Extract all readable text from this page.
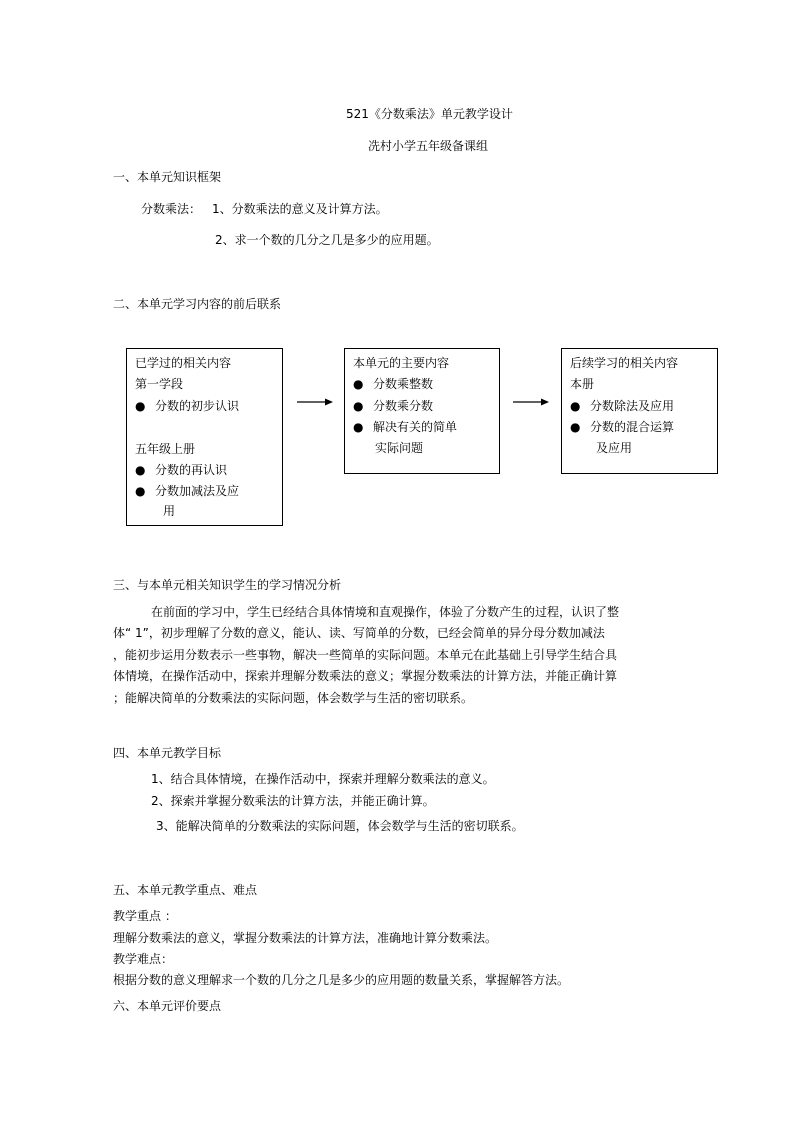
521《分数乘法》单元教学设计
冼村小学五年级备课组
一、本单元知识框架
分数乘法： 1、分数乘法的意义及计算方法。
2、求一个数的几分之几是多少的应用题。
二、本单元学习内容的前后联系
已学过的相关内容
第一学段
● 分数的初步认识
五年级上册
● 分数的再认识
● 分数加减法及应
用
本单元的主要内容
● 分数乘整数
● 分数乘分数
● 解决有关的简单
实际问题
后续学习的相关内容
本册
● 分数除法及应用
● 分数的混合运算
及应用
三、与本单元相关知识学生的学习情况分析
在前面的学习中，学生已经结合具体情境和直观操作，体验了分数产生的过程，认识了整
体“ 1”，初步理解了分数的意义，能认、读、写简单的分数，已经会简单的异分母分数加减法
，能初步运用分数表示一些事物，解决一些简单的实际问题。本单元在此基础上引导学生结合具
体情境，在操作活动中，探索并理解分数乘法的意义；掌握分数乘法的计算方法，并能正确计算
；能解决简单的分数乘法的实际问题，体会数学与生活的密切联系。
四、本单元教学目标
1、结合具体情境，在操作活动中，探索并理解分数乘法的意义。
2、探索并掌握分数乘法的计算方法，并能正确计算。
3、能解决简单的分数乘法的实际问题，体会数学与生活的密切联系。
五、本单元教学重点、难点
教学重点 ：
理解分数乘法的意义，掌握分数乘法的计算方法，准确地计算分数乘法。
教学难点：
根据分数的意义理解求一个数的几分之几是多少的应用题的数量关系，掌握解答方法。
六、本单元评价要点
